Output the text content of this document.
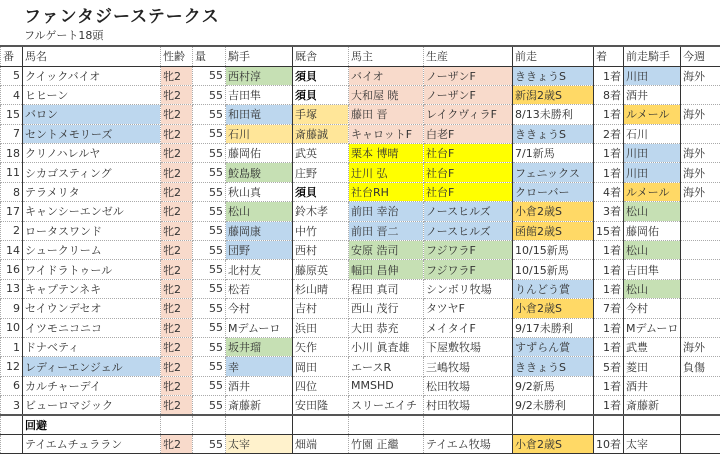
ファンタジーステークス
フルゲート18頭
番	馬名	性齢	量	騎手	厩舎	馬主	生産	前走	着	前走騎手	今週
5	クイックバイオ	牝2	55	西村淳	須貝	バイオ	ノーザンF	ききょうS	1着	川田	海外
4	ヒヒーン	牝2	55	吉田隼	須貝	大和屋 暁	ノーザンF	新潟2歳S	8着	酒井	
15	バロン	牝2	55	和田竜	手塚	藤田 晋	レイクヴィラF	8/13未勝利	1着	ルメール	海外
7	セントメモリーズ	牝2	55	石川	斎藤誠	キャロットF	白老F	ききょうS	2着	石川	
18	クリノハレルヤ	牝2	55	藤岡佑	武英	栗本 博晴	社台F	7/1新馬	1着	川田	海外
11	シカゴスティング	牝2	55	鮫島駿	庄野	辻川 弘	社台F	フェニックス	1着	川田	海外
8	テラメリタ	牝2	55	秋山真	須貝	社台RH	社台F	クローバー	4着	ルメール	海外
17	キャンシーエンゼル	牝2	55	松山	鈴木孝	前田 幸治	ノースヒルズ	小倉2歳S	3着	松山	
2	ロータスワンド	牝2	55	藤岡康	中竹	前田 晋二	ノースヒルズ	函館2歳S	15着	藤岡佑	
14	シュークリーム	牝2	55	団野	西村	安原 浩司	フジワラF	10/15新馬	1着	松山	
16	ワイドラトゥール	牝2	55	北村友	藤原英	幅田 昌伸	フジワラF	10/15新馬	1着	吉田隼	
13	キャプテンネキ	牝2	55	松若	杉山晴	程田 真司	シンボリ牧場	りんどう賞	1着	松山	
9	セイウンデセオ	牝2	55	今村	吉村	西山 茂行	タツヤF	小倉2歳S	7着	今村	
10	イツモニコニコ	牝2	55	Mデムーロ	浜田	大田 恭充	メイタイF	9/17未勝利	1着	Mデムーロ	
1	ドナベティ	牝2	55	坂井瑠	矢作	小川 眞査雄	下屋敷牧場	すずらん賞	1着	武豊	海外
12	レディーエンジェル	牝2	55	幸	岡田	エースR	三嶋牧場	ききょうS	5着	菱田	負傷
6	カルチャーデイ	牝2	55	酒井	四位	MMSHD	松田牧場	9/2新馬	1着	酒井	
3	ビューロマジック	牝2	55	斎藤新	安田隆	スリーエイチ	村田牧場	9/2未勝利	1着	斎藤新	
	回避										
	テイエムチュララン	牝2	55	太宰	畑端	竹園 正繼	テイエム牧場	小倉2歳S	10着	太宰	
